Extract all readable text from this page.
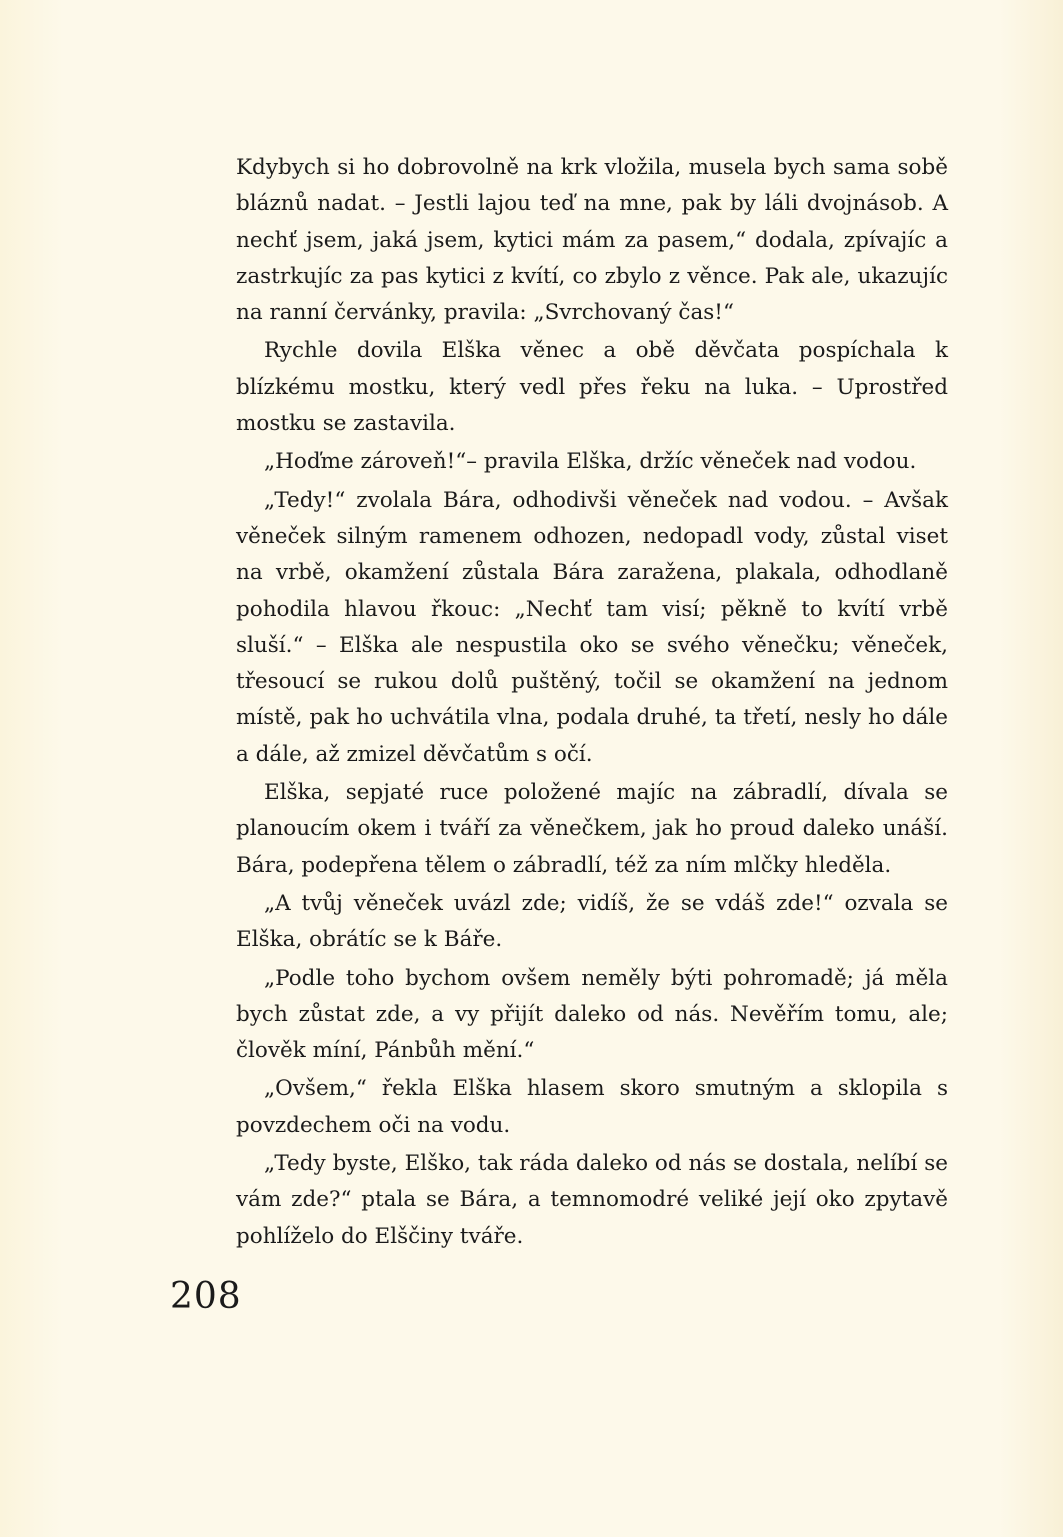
Kdybych si ho dobrovolně na krk vložila, musela bych sama sobě bláznů nadat. – Jestli lajou teď na mne, pak by láli dvojnásob. A nechť jsem, jaká jsem, kytici mám za pasem,“ dodala, zpívajíc a zastrkujíc za pas kytici z kvítí, co zbylo z věnce. Pak ale, ukazujíc na ranní červánky, pravila: „Svrchovaný čas!“

Rychle dovila Elška věnec a obě děvčata pospíchala k blízkému mostku, který vedl přes řeku na luka. – Uprostřed mostku se zastavila.

„Hoďme zároveň!“– pravila Elška, držíc věneček nad vodou.

„Tedy!“ zvolala Bára, odhodivši věneček nad vodou. – Avšak věneček silným ramenem odhozen, nedopadl vody, zůstal viset na vrbě, okamžení zůstala Bára zaražena, plakala, odhodlaně pohodila hlavou řkouc: „Nechť tam visí; pěkně to kvítí vrbě sluší.“ – Elška ale nespustila oko se svého věnečku; věneček, třesoucí se rukou dolů puštěný, točil se okamžení na jednom místě, pak ho uchvátila vlna, podala druhé, ta třetí, nesly ho dále a dále, až zmizel děvčatům s očí.

Elška, sepjaté ruce položené majíc na zábradlí, dívala se planoucím okem i tváří za věnečkem, jak ho proud daleko unáší. Bára, podepřena tělem o zábradlí, též za ním mlčky hleděla.

„A tvůj věneček uvázl zde; vidíš, že se vdáš zde!“ ozvala se Elška, obrátíc se k Báře.

„Podle toho bychom ovšem neměly býti pohromadě; já měla bych zůstat zde, a vy přijít daleko od nás. Nevěřím tomu, ale; člověk míní, Pánbůh mění.“

„Ovšem,“ řekla Elška hlasem skoro smutným a sklopila s povzdechem oči na vodu.

„Tedy byste, Elško, tak ráda daleko od nás se dostala, nelíbí se vám zde?“ ptala se Bára, a temnomodré veliké její oko zpytavě pohlíželo do Elščiny tváře.

208
